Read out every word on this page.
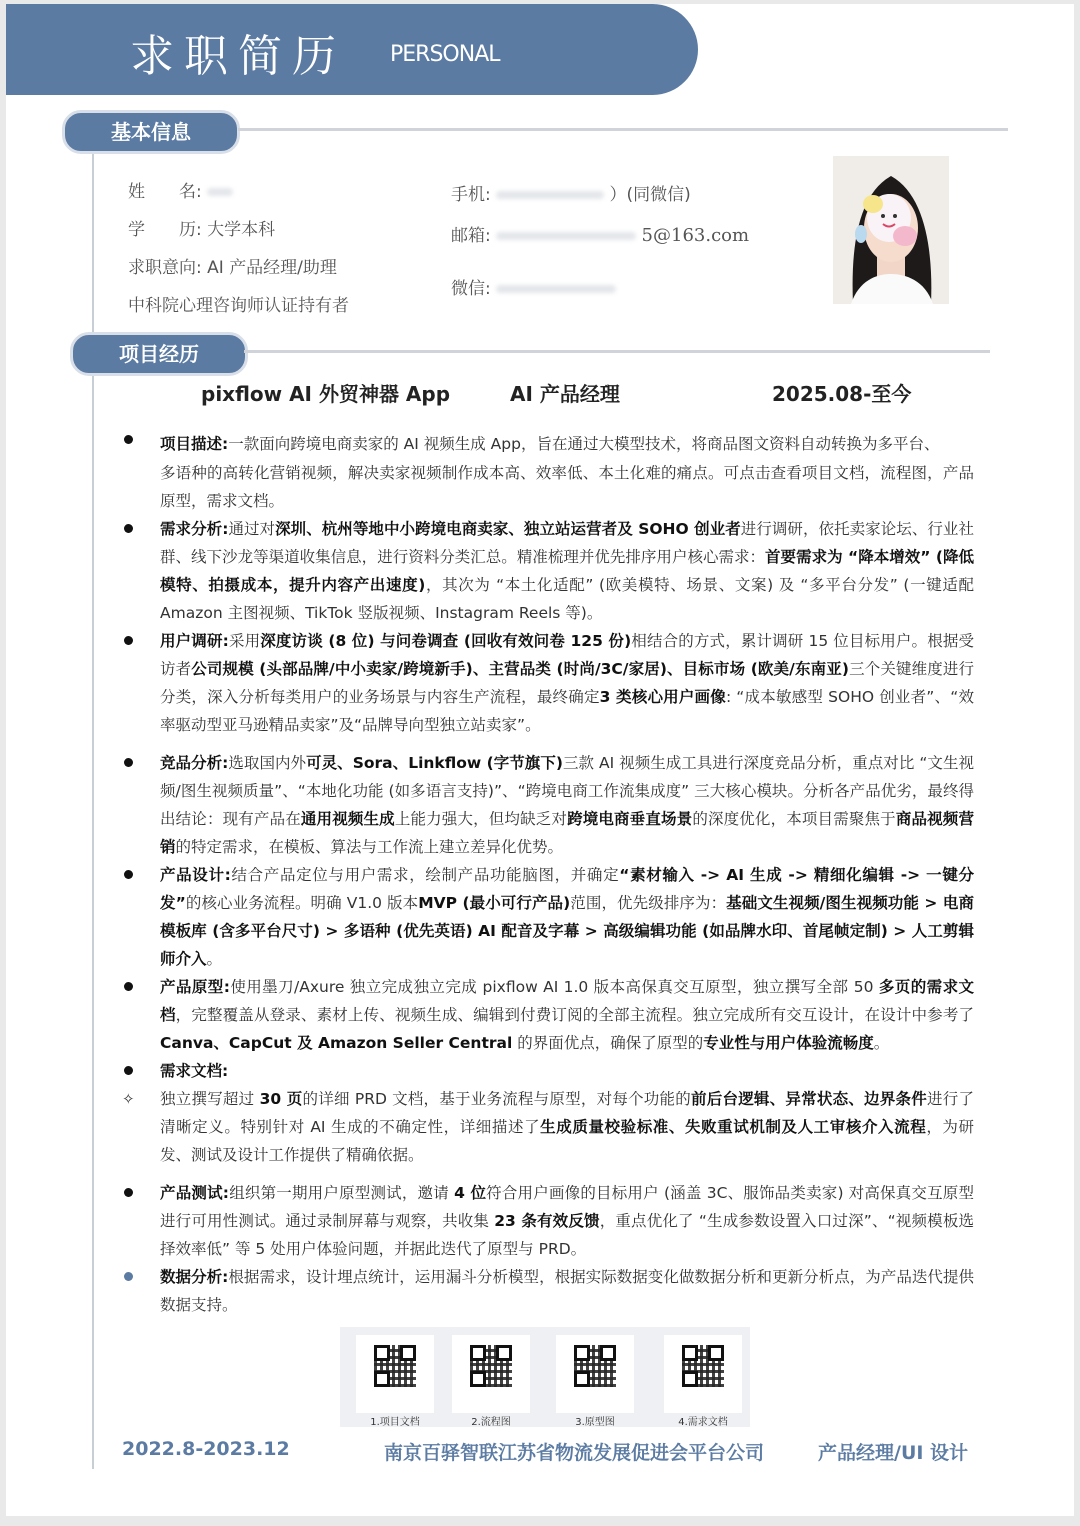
求职简历 PERSONAL
基本信息
姓　　名:
学　　历: 大学本科
求职意向: AI 产品经理/助理
中科院心理咨询师认证持有者
手机:	）(同微信)
邮箱:	5@163.com
微信:
项目经历
pixflow AI 外贸神器 App	AI 产品经理	2025.08-至今
项目描述:一款面向跨境电商卖家的 AI 视频生成 App，旨在通过大模型技术，将商品图文资料自动转换为多平台、

多语种的高转化营销视频，解决卖家视频制作成本高、效率低、本土化难的痛点。可点击查看项目文档，流程图，产品原型，需求文档。
需求分析:通过对深圳、杭州等地中小跨境电商卖家、独立站运营者及 SOHO 创业者进行调研，依托卖家论坛、行业社群、线下沙龙等渠道收集信息，进行资料分类汇总。精准梳理并优先排序用户核心需求：首要需求为 “降本增效” (降低模特、拍摄成本，提升内容产出速度)，其次为 “本土化适配” (欧美模特、场景、文案) 及 “多平台分发” (一键适配 Amazon 主图视频、TikTok 竖版视频、Instagram Reels 等)。
用户调研:采用深度访谈 (8 位) 与问卷调查 (回收有效问卷 125 份)相结合的方式，累计调研 15 位目标用户。根据受访者公司规模 (头部品牌/中小卖家/跨境新手)、主营品类 (时尚/3C/家居)、目标市场 (欧美/东南亚)三个关键维度进行分类，深入分析每类用户的业务场景与内容生产流程，最终确定3 类核心用户画像: “成本敏感型 SOHO 创业者”、“效率驱动型亚马逊精品卖家”及“品牌导向型独立站卖家”。
竞品分析:选取国内外可灵、Sora、Linkflow (字节旗下)三款 AI 视频生成工具进行深度竞品分析，重点对比 “文生视频/图生视频质量”、“本地化功能 (如多语言支持)”、“跨境电商工作流集成度” 三大核心模块。分析各产品优劣，最终得出结论：现有产品在通用视频生成上能力强大，但均缺乏对跨境电商垂直场景的深度优化，本项目需聚焦于商品视频营销的特定需求，在模板、算法与工作流上建立差异化优势。
产品设计:结合产品定位与用户需求，绘制产品功能脑图，并确定“素材输入 -> AI 生成 -> 精细化编辑 -> 一键分发”的核心业务流程。明确 V1.0 版本MVP (最小可行产品)范围，优先级排序为：基础文生视频/图生视频功能 > 电商模板库 (含多平台尺寸) > 多语种 (优先英语) AI 配音及字幕 > 高级编辑功能 (如品牌水印、首尾帧定制) > 人工剪辑师介入。
产品原型:使用墨刀/Axure 独立完成独立完成 pixflow AI 1.0 版本高保真交互原型，独立撰写全部 50 多页的需求文档，完整覆盖从登录、素材上传、视频生成、编辑到付费订阅的全部主流程。独立完成所有交互设计，在设计中参考了 Canva、CapCut 及 Amazon Seller Central 的界面优点，确保了原型的专业性与用户体验流畅度。
需求文档:
✧ 独立撰写超过 30 页的详细 PRD 文档，基于业务流程与原型，对每个功能的前后台逻辑、异常状态、边界条件进行了清晰定义。特别针对 AI 生成的不确定性，详细描述了生成质量校验标准、失败重试机制及人工审核介入流程，为研发、测试及设计工作提供了精确依据。
产品测试:组织第一期用户原型测试，邀请 4 位符合用户画像的目标用户 (涵盖 3C、服饰品类卖家) 对高保真交互原型进行可用性测试。通过录制屏幕与观察，共收集 23 条有效反馈，重点优化了 “生成参数设置入口过深”、“视频模板选择效率低” 等 5 处用户体验问题，并据此迭代了原型与 PRD。
数据分析:根据需求，设计埋点统计，运用漏斗分析模型，根据实际数据变化做数据分析和更新分析点，为产品迭代提供数据支持。
1.项目文档	2.流程图	3.原型图	4.需求文档
2022.8-2023.12	南京百驿智联江苏省物流发展促进会平台公司	产品经理/UI 设计
